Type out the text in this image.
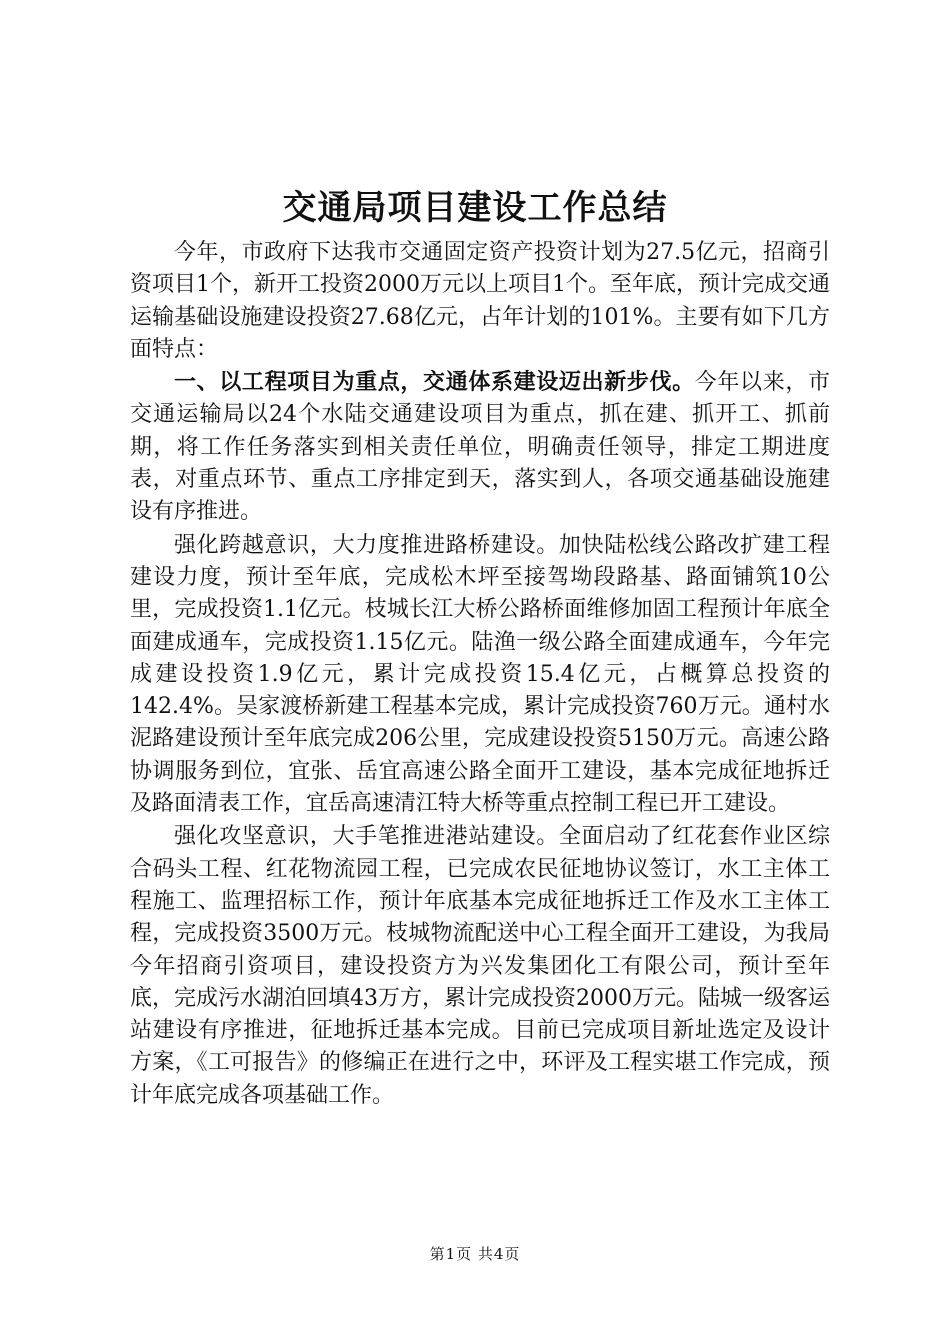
交通局项目建设工作总结

今年，市政府下达我市交通固定资产投资计划为27.5亿元，招商引资项目1个，新开工投资2000万元以上项目1个。至年底，预计完成交通运输基础设施建设投资27.68亿元，占年计划的101%。主要有如下几方面特点：

一、以工程项目为重点，交通体系建设迈出新步伐。今年以来，市交通运输局以24个水陆交通建设项目为重点，抓在建、抓开工、抓前期，将工作任务落实到相关责任单位，明确责任领导，排定工期进度表，对重点环节、重点工序排定到天，落实到人，各项交通基础设施建设有序推进。

强化跨越意识，大力度推进路桥建设。加快陆松线公路改扩建工程建设力度，预计至年底，完成松木坪至接驾坳段路基、路面铺筑10公里，完成投资1.1亿元。枝城长江大桥公路桥面维修加固工程预计年底全面建成通车，完成投资1.15亿元。陆渔一级公路全面建成通车，今年完成建设投资1.9亿元，累计完成投资15.4亿元，占概算总投资的142.4%。吴家渡桥新建工程基本完成，累计完成投资760万元。通村水泥路建设预计至年底完成206公里，完成建设投资5150万元。高速公路协调服务到位，宜张、岳宜高速公路全面开工建设，基本完成征地拆迁及路面清表工作，宜岳高速清江特大桥等重点控制工程已开工建设。

强化攻坚意识，大手笔推进港站建设。全面启动了红花套作业区综合码头工程、红花物流园工程，已完成农民征地协议签订，水工主体工程施工、监理招标工作，预计年底基本完成征地拆迁工作及水工主体工程，完成投资3500万元。枝城物流配送中心工程全面开工建设，为我局今年招商引资项目，建设投资方为兴发集团化工有限公司，预计至年底，完成污水湖泊回填43万方，累计完成投资2000万元。陆城一级客运站建设有序推进，征地拆迁基本完成。目前已完成项目新址选定及设计方案，《工可报告》的修编正在进行之中，环评及工程实堪工作完成，预计年底完成各项基础工作。

第1页 共4页
